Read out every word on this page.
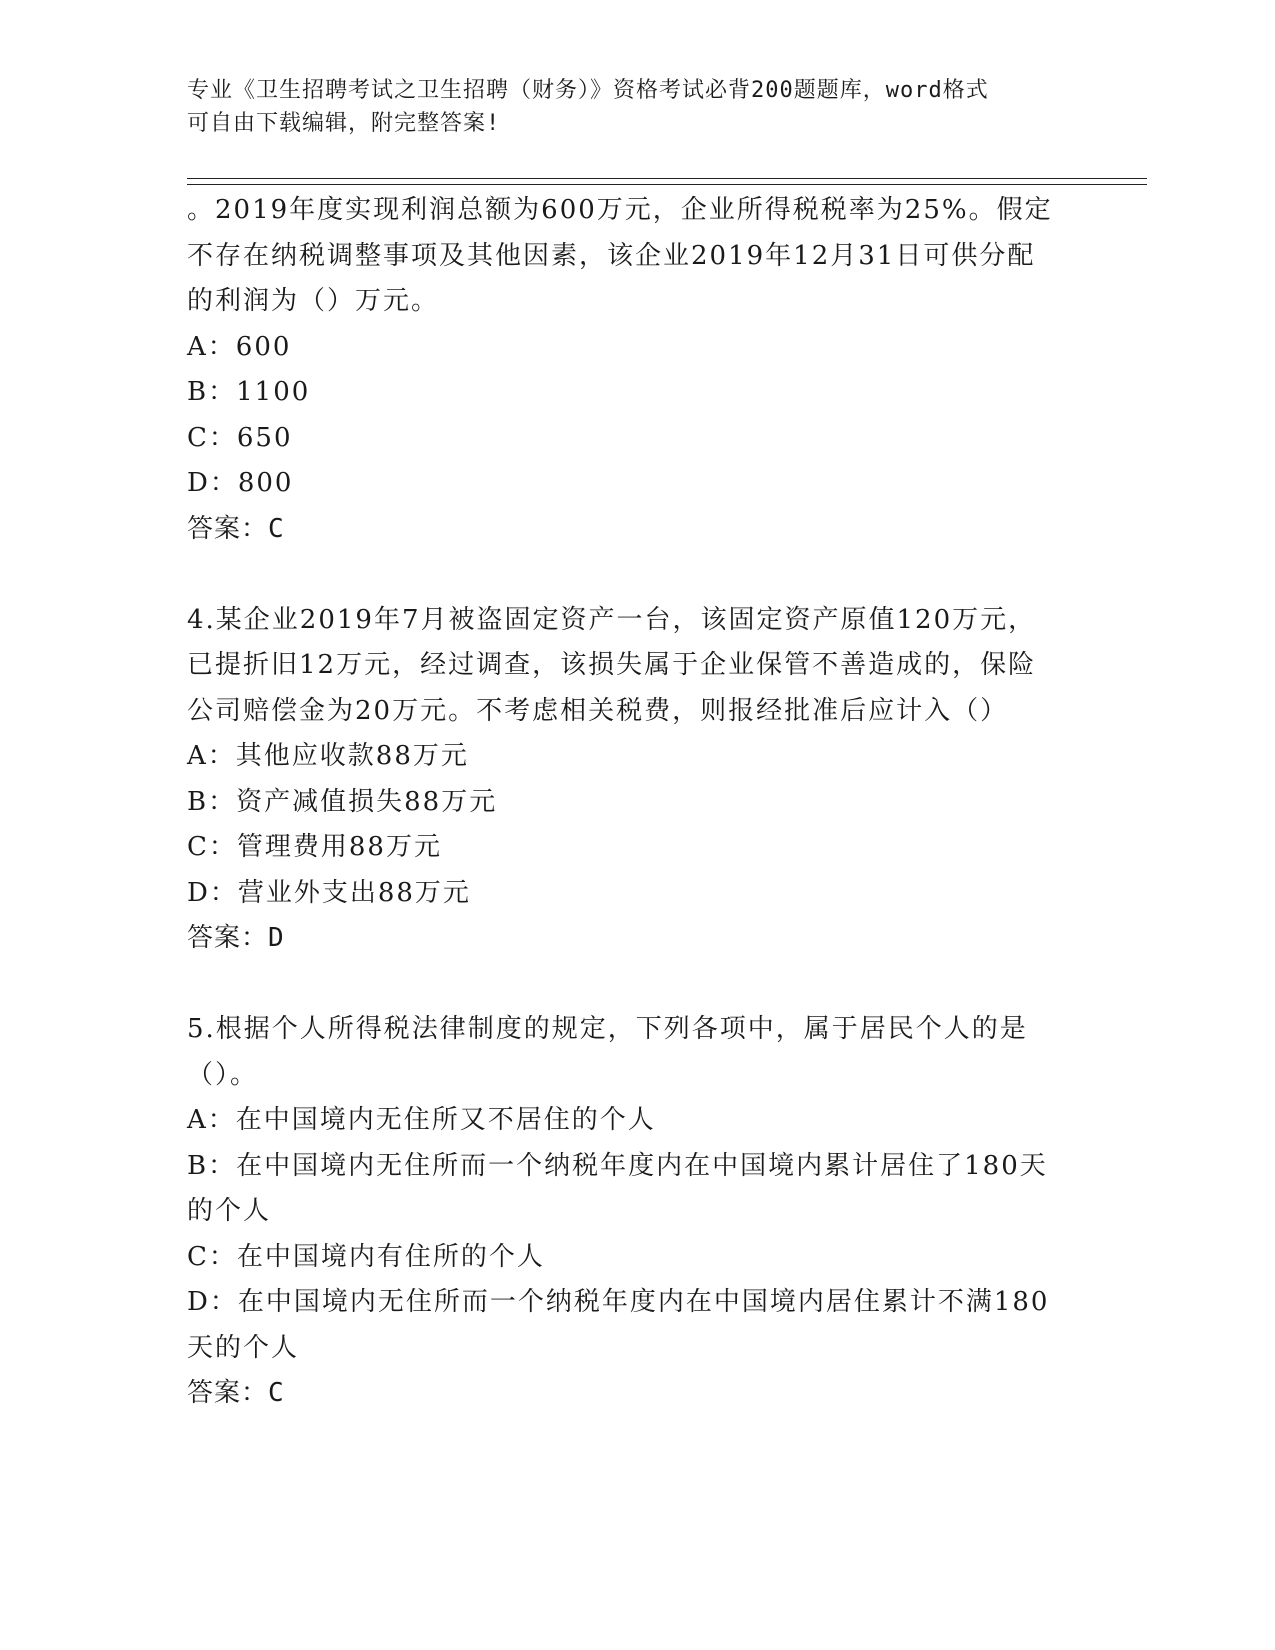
专业《卫生招聘考试之卫生招聘（财务）》资格考试必背200题题库，word格式
可自由下载编辑，附完整答案!

。2019年度实现利润总额为600万元，企业所得税税率为25%。假定

不存在纳税调整事项及其他因素，该企业2019年12月31日可供分配

的利润为（）万元。

A：600

B：1100

C：650

D：800

答案：C

4.某企业2019年7月被盗固定资产一台，该固定资产原值120万元，

已提折旧12万元，经过调查，该损失属于企业保管不善造成的，保险

公司赔偿金为20万元。不考虑相关税费，则报经批准后应计入（）

A：其他应收款88万元

B：资产减值损失88万元

C：管理费用88万元

D：营业外支出88万元

答案：D

5.根据个人所得税法律制度的规定，下列各项中，属于居民个人的是

（）。

A：在中国境内无住所又不居住的个人

B：在中国境内无住所而一个纳税年度内在中国境内累计居住了180天

的个人

C：在中国境内有住所的个人

D：在中国境内无住所而一个纳税年度内在中国境内居住累计不满180

天的个人

答案：C
